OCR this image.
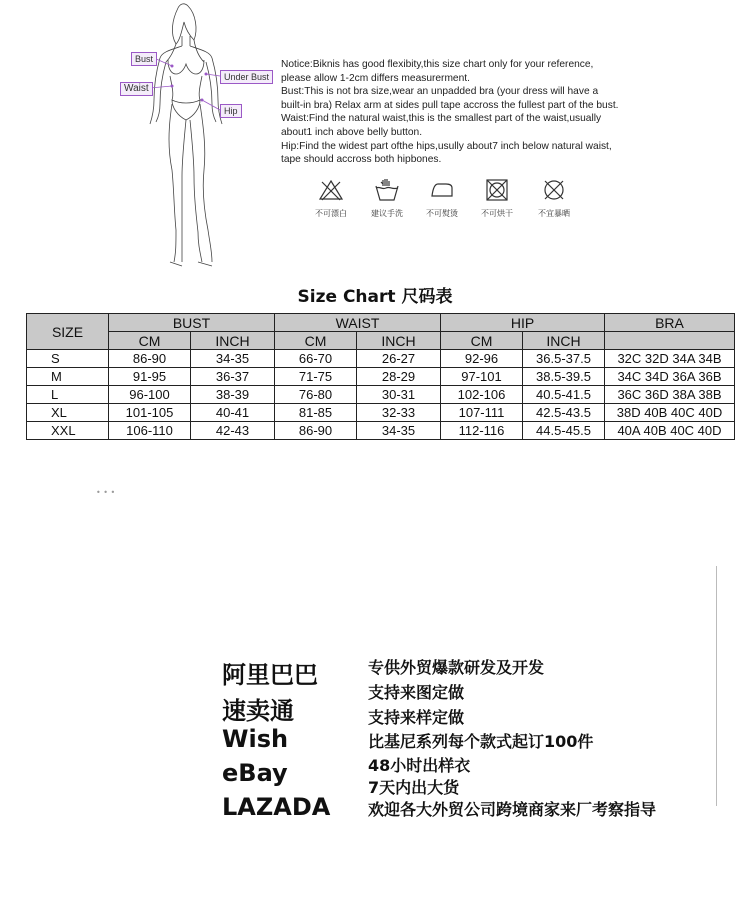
Bust
Waist
Under Bust
Hip
Notice:Biknis has good flexibity,this size chart only for your reference,
please allow 1-2cm differs measurerment.
Bust:This is not bra size,wear an unpadded bra (your dress will have a
built-in bra) Relax arm at sides pull tape accross the fullest part of the bust.
Waist:Find the natural waist,this is the smallest part of the waist,usually
about1 inch above belly button.
Hip:Find the widest part ofthe hips,usully about7 inch below natural waist,
tape should accross both hipbones.
不可漂白	建议手洗	不可熨烫	不可烘干	不宜暴晒
Size Chart 尺码表
SIZE	BUST		WAIST		HIP		BRA
	CM	INCH	CM	INCH	CM	INCH	
S	86-90	34-35	66-70	26-27	92-96	36.5-37.5	32C 32D 34A 34B
M	91-95	36-37	71-75	28-29	97-101	38.5-39.5	34C 34D 36A 36B
L	96-100	38-39	76-80	30-31	102-106	40.5-41.5	36C 36D 38A 38B
XL	101-105	40-41	81-85	32-33	107-111	42.5-43.5	38D 40B 40C 40D
XXL	106-110	42-43	86-90	34-35	112-116	44.5-45.5	40A 40B 40C 40D
• • •
阿里巴巴
速卖通
Wish
eBay
LAZADA
专供外贸爆款研发及开发
支持来图定做
支持来样定做
比基尼系列每个款式起订100件
48小时出样衣
7天内出大货
欢迎各大外贸公司跨境商家来厂考察指导
